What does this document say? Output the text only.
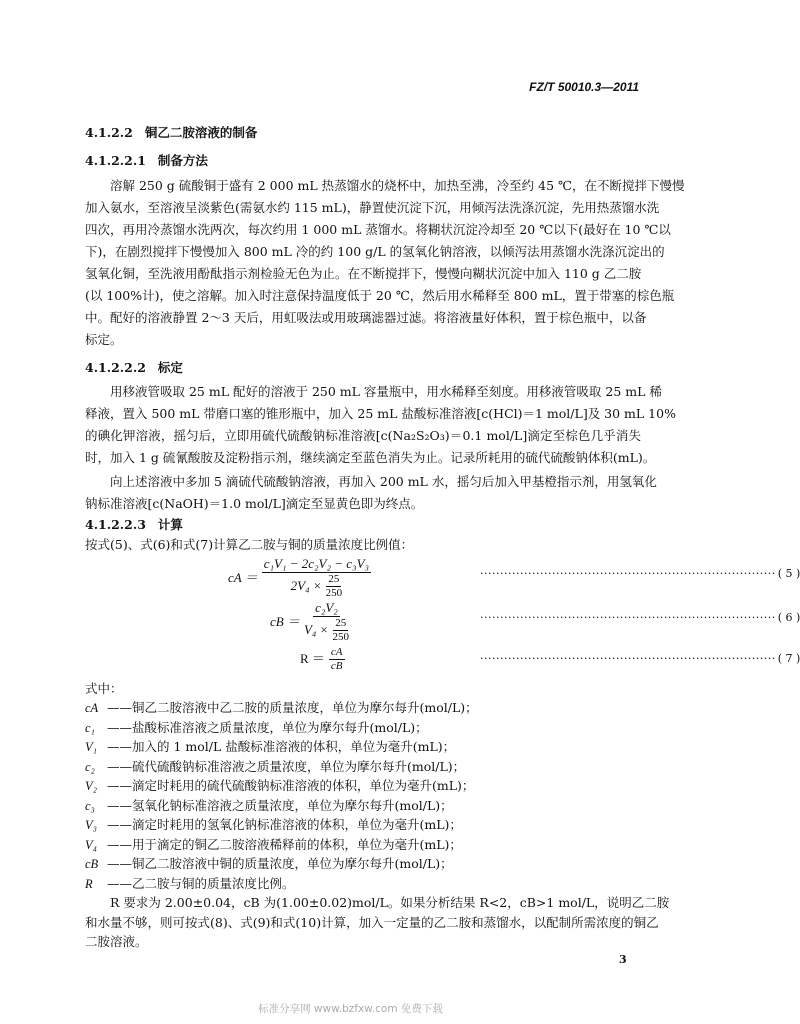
FZ/T 50010.3—2011
4.1.2.2 铜乙二胺溶液的制备
4.1.2.2.1 制备方法
溶解 250 g 硫酸铜于盛有 2 000 mL 热蒸馏水的烧杯中，加热至沸，冷至约 45 ℃，在不断搅拌下慢慢
加入氨水，至溶液呈淡紫色(需氨水约 115 mL)，静置使沉淀下沉，用倾泻法洗涤沉淀，先用热蒸馏水洗
四次，再用冷蒸馏水洗两次，每次约用 1 000 mL 蒸馏水。将糊状沉淀冷却至 20 ℃以下(最好在 10 ℃以
下)，在剧烈搅拌下慢慢加入 800 mL 冷的约 100 g/L 的氢氧化钠溶液，以倾泻法用蒸馏水洗涤沉淀出的
氢氧化铜，至洗液用酚酞指示剂检验无色为止。在不断搅拌下，慢慢向糊状沉淀中加入 110 g 乙二胺
(以 100%计)，使之溶解。加入时注意保持温度低于 20 ℃，然后用水稀释至 800 mL，置于带塞的棕色瓶
中。配好的溶液静置 2～3 天后，用虹吸法或用玻璃滤器过滤。将溶液量好体积，置于棕色瓶中，以备
标定。
4.1.2.2.2 标定
用移液管吸取 25 mL 配好的溶液于 250 mL 容量瓶中，用水稀释至刻度。用移液管吸取 25 mL 稀
释液，置入 500 mL 带磨口塞的锥形瓶中，加入 25 mL 盐酸标准溶液[c(HCl)＝1 mol/L]及 30 mL 10%
的碘化钾溶液，摇匀后，立即用硫代硫酸钠标准溶液[c(Na₂S₂O₃)＝0.1 mol/L]滴定至棕色几乎消失
时，加入 1 g 硫氰酸胺及淀粉指示剂，继续滴定至蓝色消失为止。记录所耗用的硫代硫酸钠体积(mL)。
向上述溶液中多加 5 滴硫代硫酸钠溶液，再加入 200 mL 水，摇匀后加入甲基橙指示剂，用氢氧化
钠标准溶液[c(NaOH)＝1.0 mol/L]滴定至显黄色即为终点。
4.1.2.2.3 计算
按式(5)、式(6)和式(7)计算乙二胺与铜的质量浓度比例值：
cA ＝ $\frac{\text{c₁V₁ − 2c₂V₂ − c₃V₃}}{2V_4 \times \frac{25}{250}}$	·········································································· ( 5 )
cB ＝ $\frac{\text{c₂V₂}}{V_4 \times \frac{25}{250}}$	·········································································· ( 6 )
$R = \frac{cA}{cB}$	·········································································· ( 7 )
式中：
cA ——铜乙二胺溶液中乙二胺的质量浓度，单位为摩尔每升(mol/L)；
c₁ ——盐酸标准溶液之质量浓度，单位为摩尔每升(mol/L)；
V₁ ——加入的 1 mol/L 盐酸标准溶液的体积，单位为毫升(mL)；
c₂ ——硫代硫酸钠标准溶液之质量浓度，单位为摩尔每升(mol/L)；
V₂ ——滴定时耗用的硫代硫酸钠标准溶液的体积，单位为毫升(mL)；
c₃ ——氢氧化钠标准溶液之质量浓度，单位为摩尔每升(mol/L)；
V₃ ——滴定时耗用的氢氧化钠标准溶液的体积，单位为毫升(mL)；
V₄ ——用于滴定的铜乙二胺溶液稀释前的体积，单位为毫升(mL)；
cB ——铜乙二胺溶液中铜的质量浓度，单位为摩尔每升(mol/L)；
R ——乙二胺与铜的质量浓度比例。
R 要求为 2.00±0.04，cB 为(1.00±0.02)mol/L。如果分析结果 R<2，cB>1 mol/L，说明乙二胺
和水量不够，则可按式(8)、式(9)和式(10)计算，加入一定量的乙二胺和蒸馏水，以配制所需浓度的铜乙
二胺溶液。
3
标准分享网 www.bzfxw.com 免费下载
